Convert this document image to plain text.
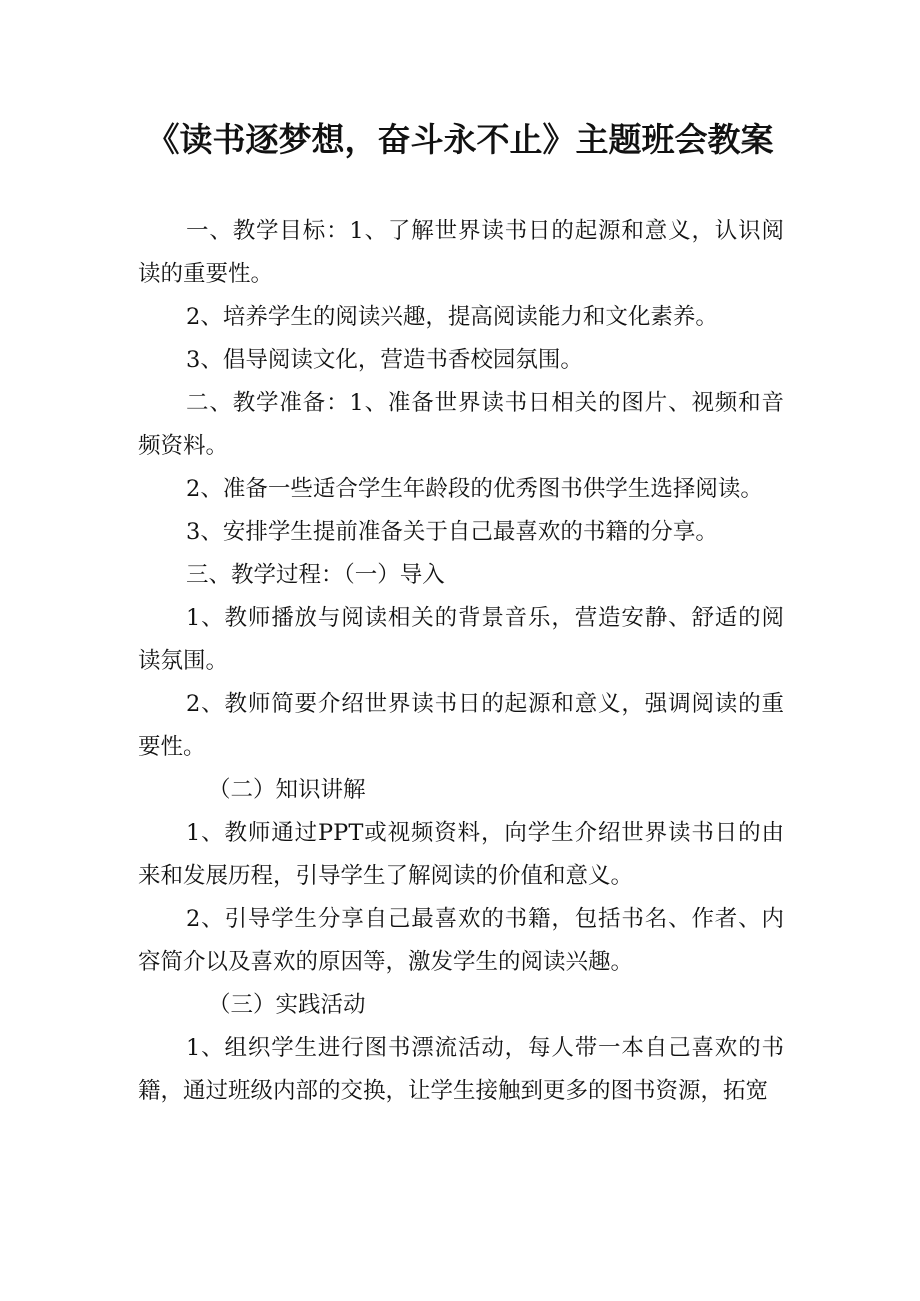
《读书逐梦想，奋斗永不止》主题班会教案

一、教学目标：1、了解世界读书日的起源和意义，认识阅读的重要性。

2、培养学生的阅读兴趣，提高阅读能力和文化素养。

3、倡导阅读文化，营造书香校园氛围。

二、教学准备：1、准备世界读书日相关的图片、视频和音频资料。

2、准备一些适合学生年龄段的优秀图书供学生选择阅读。

3、安排学生提前准备关于自己最喜欢的书籍的分享。

三、教学过程：（一）导入

1、教师播放与阅读相关的背景音乐，营造安静、舒适的阅读氛围。

2、教师简要介绍世界读书日的起源和意义，强调阅读的重要性。

（二）知识讲解

1、教师通过PPT或视频资料，向学生介绍世界读书日的由来和发展历程，引导学生了解阅读的价值和意义。

2、引导学生分享自己最喜欢的书籍，包括书名、作者、内容简介以及喜欢的原因等，激发学生的阅读兴趣。

（三）实践活动

1、组织学生进行图书漂流活动，每人带一本自己喜欢的书籍，通过班级内部的交换，让学生接触到更多的图书资源，拓宽
